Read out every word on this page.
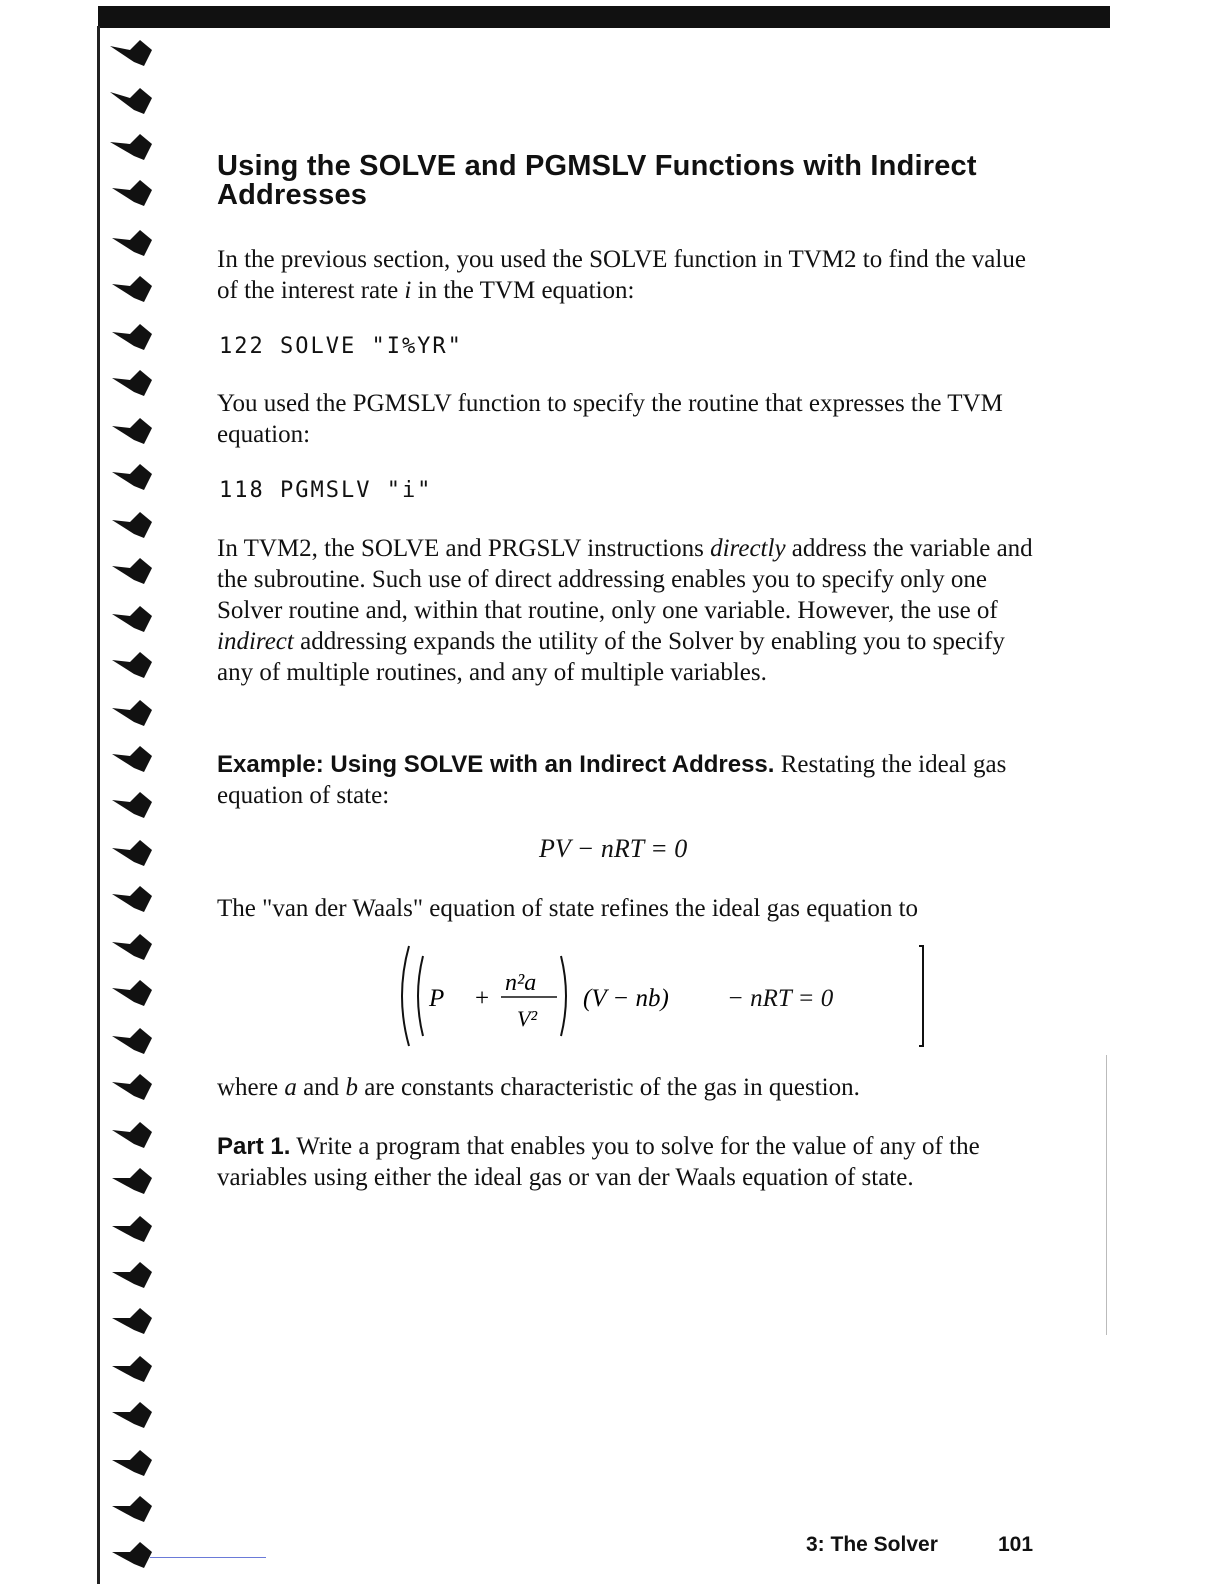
Using the SOLVE and PGMSLV Functions with Indirect Addresses

In the previous section, you used the SOLVE function in TVM2 to find the value of the interest rate i in the TVM equation:

122 SOLVE "I%YR"

You used the PGMSLV function to specify the routine that expresses the TVM equation:

118 PGMSLV "i"

In TVM2, the SOLVE and PRGSLV instructions directly address the variable and the subroutine. Such use of direct addressing enables you to specify only one Solver routine and, within that routine, only one variable. However, the use of indirect addressing expands the utility of the Solver by enabling you to specify any of multiple routines, and any of multiple variables.

Example: Using SOLVE with an Indirect Address. Restating the ideal gas equation of state:

PV − nRT = 0

The "van der Waals" equation of state refines the ideal gas equation to

P +
n²a
V²
(V − nb) − nRT = 0

where a and b are constants characteristic of the gas in question.

Part 1. Write a program that enables you to solve for the value of any of the variables using either the ideal gas or van der Waals equation of state.

3: The Solver	101
